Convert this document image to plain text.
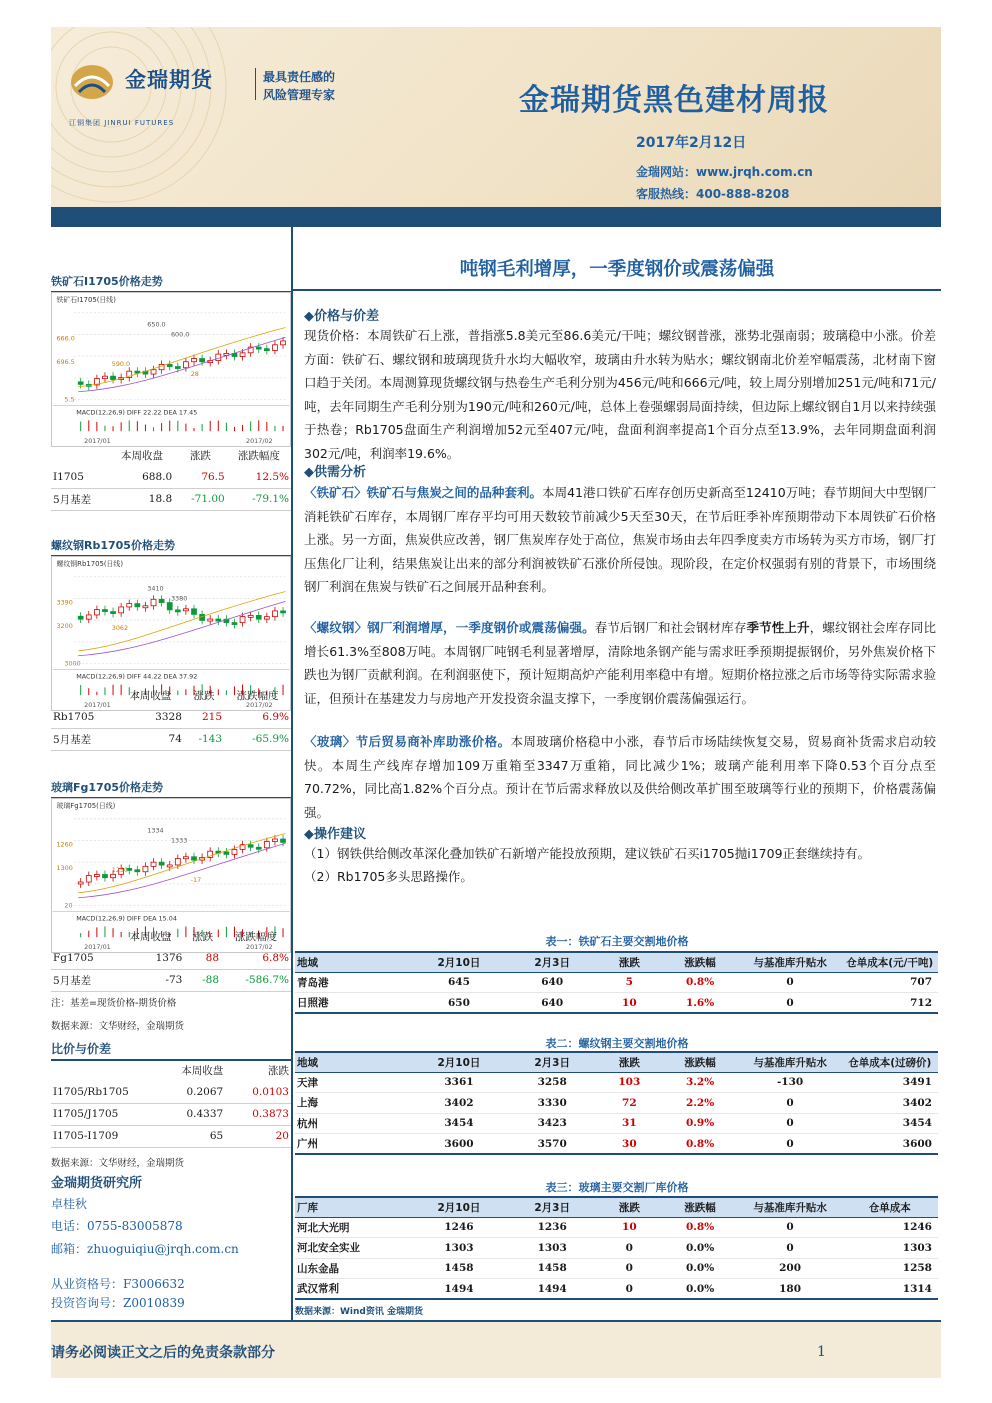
金瑞期货
江铜集团 JINRUI FUTURES
最具责任感的
风险管理专家	金瑞期货黑色建材周报
2017年2月12日
金瑞网站：www.jrqh.com.cn
客服热线：400-888-8208
铁矿石I1705价格走势
铁矿石I1705(日线)
650.0
600.0
666.0
696.5	590.0
5.5
28
MACD(12,26,9) DIFF 22.22 DEA 17.45
2017/01	2017/02
	本周收盘	涨跌	涨跌幅度
I1705	688.0	76.5	12.5%
5月基差	18.8	-71.00	-79.1%
螺纹钢Rb1705价格走势
螺纹钢Rb1705(日线)
3410
3380
3390
3200	3062
3000
MACD(12,26,9) DIFF 44.22 DEA 37.92
2017/01	2017/02
	本周收盘	涨跌	涨跌幅度
Rb1705	3328	215	6.9%
5月基差	74	-143	-65.9%
玻璃Fg1705价格走势
玻璃Fg1705(日线)
1334
1333
1260
1300	1250
20
-17
MACD(12,26,9) DIFF DEA 15.04
2017/01	2017/02
	本周收盘	涨跌	涨跌幅度
Fg1705	1376	88	6.8%
5月基差	-73	-88	-586.7%
注：基差=现货价格-期货价格
数据来源：文华财经，金瑞期货
比价与价差
	本周收盘	涨跌
I1705/Rb1705	0.2067	0.0103
I1705/J1705	0.4337	0.3873
I1705-I1709	65	20
数据来源：文华财经，金瑞期货
金瑞期货研究所
卓桂秋
电话：0755-83005878
邮箱：zhuoguiqiu@jrqh.com.cn
从业资格号：F3006632
投资咨询号：Z0010839
吨钢毛利增厚，一季度钢价或震荡偏强
◆价格与价差
现货价格：本周铁矿石上涨，普指涨5.8美元至86.6美元/干吨；螺纹钢普涨，涨势北强南弱；玻璃稳中小涨。价差方面：铁矿石、螺纹钢和玻璃现货升水均大幅收窄，玻璃由升水转为贴水；螺纹钢南北价差窄幅震荡，北材南下窗口趋于关闭。本周测算现货螺纹钢与热卷生产毛利分别为456元/吨和666元/吨，较上周分别增加251元/吨和71元/吨，去年同期生产毛利分别为190元/吨和260元/吨，总体上卷强螺弱局面持续，但边际上螺纹钢自1月以来持续强于热卷；Rb1705盘面生产利润增加52元至407元/吨，盘面利润率提高1个百分点至13.9%，去年同期盘面利润302元/吨，利润率19.6%。
◆供需分析
〈铁矿石〉铁矿石与焦炭之间的品种套利。本周41港口铁矿石库存创历史新高至12410万吨；春节期间大中型钢厂消耗铁矿石库存，本周钢厂库存平均可用天数较节前减少5天至30天，在节后旺季补库预期带动下本周铁矿石价格上涨。另一方面，焦炭供应改善，钢厂焦炭库存处于高位，焦炭市场由去年四季度卖方市场转为买方市场，钢厂打压焦化厂让利，结果焦炭让出来的部分利润被铁矿石涨价所侵蚀。现阶段，在定价权强弱有别的背景下，市场围绕钢厂利润在焦炭与铁矿石之间展开品种套利。
〈螺纹钢〉钢厂利润增厚，一季度钢价或震荡偏强。春节后钢厂和社会钢材库存季节性上升，螺纹钢社会库存同比增长61.3%至808万吨。本周钢厂吨钢毛利显著增厚，清除地条钢产能与需求旺季预期提振钢价，另外焦炭价格下跌也为钢厂贡献利润。在利润驱使下，预计短期高炉产能利用率稳中有增。短期价格拉涨之后市场等待实际需求验证，但预计在基建发力与房地产开发投资余温支撑下，一季度钢价震荡偏强运行。
〈玻璃〉节后贸易商补库助涨价格。本周玻璃价格稳中小涨，春节后市场陆续恢复交易，贸易商补货需求启动较快。本周生产线库存增加109万重箱至3347万重箱，同比减少1%；玻璃产能利用率下降0.53个百分点至70.72%，同比高1.82%个百分点。预计在节后需求释放以及供给侧改革扩围至玻璃等行业的预期下，价格震荡偏强。
◆操作建议
（1）钢铁供给侧改革深化叠加铁矿石新增产能投放预期，建议铁矿石买i1705抛i1709正套继续持有。
（2）Rb1705多头思路操作。
表一：铁矿石主要交割地价格
地域	2月10日	2月3日	涨跌	涨跌幅	与基准库升贴水	仓单成本(元/干吨)
青岛港	645	640	5	0.8%	0	707
日照港	650	640	10	1.6%	0	712
表二：螺纹钢主要交割地价格
地域	2月10日	2月3日	涨跌	涨跌幅	与基准库升贴水	仓单成本(过磅价)
天津	3361	3258	103	3.2%	-130	3491
上海	3402	3330	72	2.2%	0	3402
杭州	3454	3423	31	0.9%	0	3454
广州	3600	3570	30	0.8%	0	3600
表三：玻璃主要交割厂库价格
厂库	2月10日	2月3日	涨跌	涨跌幅	与基准库升贴水	仓单成本
河北大光明	1246	1236	10	0.8%	0	1246
河北安全实业	1303	1303	0	0.0%	0	1303
山东金晶	1458	1458	0	0.0%	200	1258
武汉常利	1494	1494	0	0.0%	180	1314
数据来源：Wind资讯 金瑞期货
请务必阅读正文之后的免责条款部分	1
